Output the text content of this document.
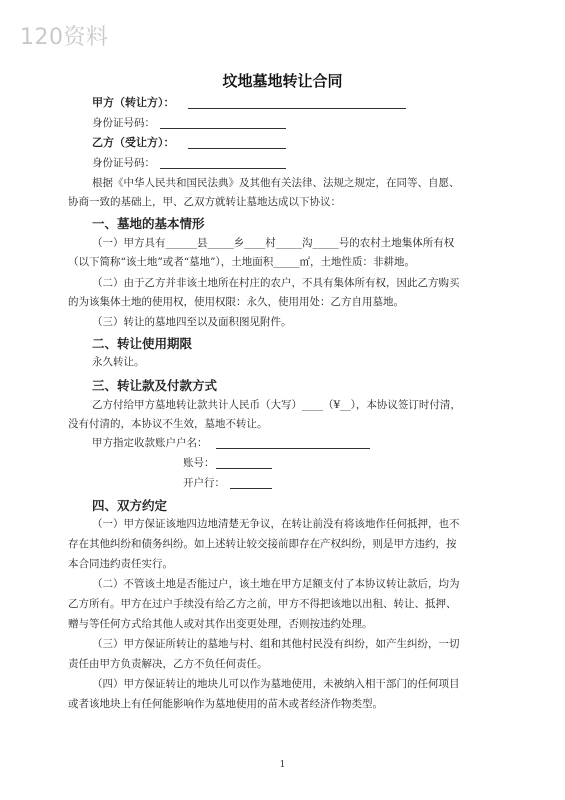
120资料
坟地墓地转让合同
甲方（转让方）：
身份证号码：
乙方（受让方）：
身份证号码：
根据《中华人民共和国民法典》及其他有关法律、法规之规定，在同等、自愿、
协商一致的基础上，甲、乙双方就转让墓地达成以下协议：
一、墓地的基本情形
（一）甲方具有______县_____乡____村_____沟_____号的农村土地集体所有权
（以下简称“该土地”或者“墓地”），土地面积_____㎡，土地性质：非耕地。
（二）由于乙方并非该土地所在村庄的农户，不具有集体所有权，因此乙方购买
的为该集体土地的使用权，使用权限：永久，使用用处：乙方自用墓地。
（三）转让的墓地四至以及面积图见附件。
二、转让使用期限
永久转让。
三、转让款及付款方式
乙方付给甲方墓地转让款共计人民币（大写）____（¥__），本协议签订时付清，
没有付清的，本协议不生效，墓地不转让。
甲方指定收款账户户名：
账号：
开户行：
四、双方约定
（一）甲方保证该地四边地清楚无争议，在转让前没有将该地作任何抵押，也不
存在其他纠纷和债务纠纷。如上述转让较交接前即存在产权纠纷，则是甲方违约，按
本合同违约责任实行。
（二）不管该土地是否能过户，该土地在甲方足额支付了本协议转让款后，均为
乙方所有。甲方在过户手续没有给乙方之前，甲方不得把该地以出租、转让、抵押、
赠与等任何方式给其他人或对其作出变更处理，否则按违约处理。
（三）甲方保证所转让的墓地与村、组和其他村民没有纠纷，如产生纠纷，一切
责任由甲方负责解决，乙方不负任何责任。
（四）甲方保证转让的地块儿可以作为墓地使用，未被纳入相干部门的任何项目
或者该地块上有任何能影响作为墓地使用的苗木或者经济作物类型。
1
